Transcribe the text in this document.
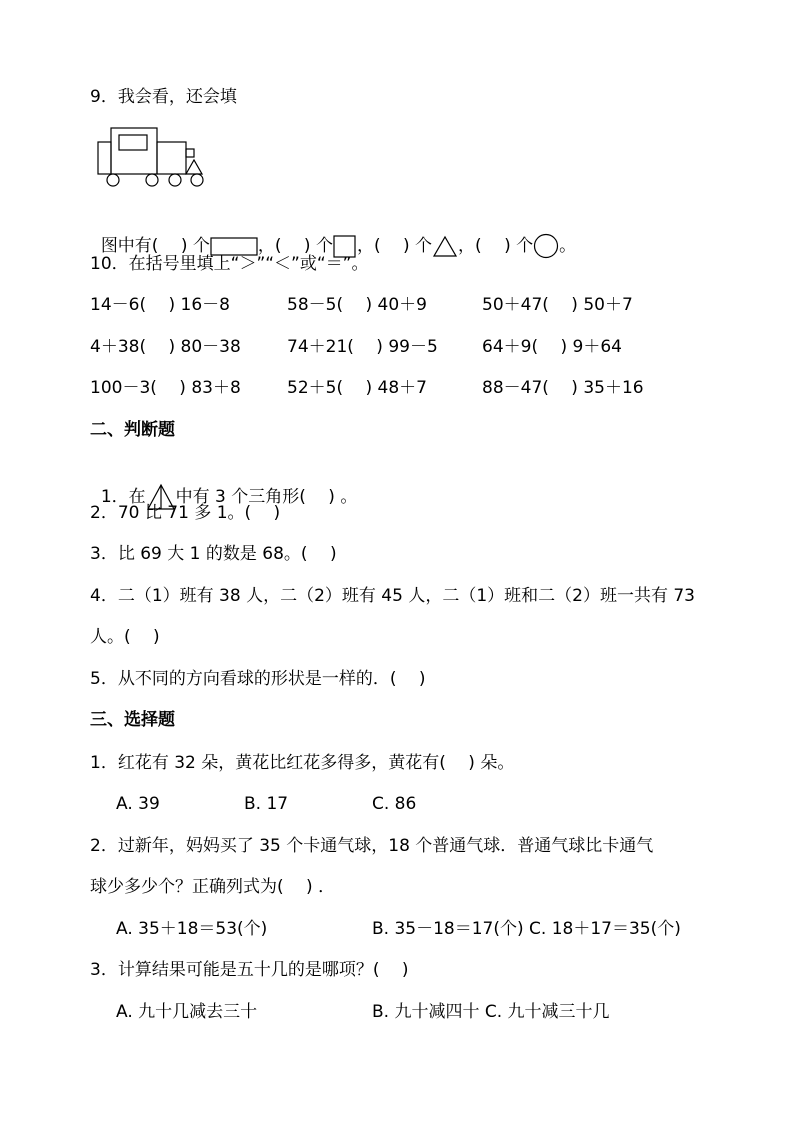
9．我会看，还会填

图中有(　 ) 个	，(　 ) 个 ，(　 ) 个 ，(　 ) 个 。

10．在括号里填上“＞”“＜”或“＝”。
14－6(　 ) 16－8	58－5(　 ) 40＋9	50＋47(　 ) 50＋7
4＋38(　 ) 80－38	74＋21(　 ) 99－5	64＋9(　 ) 9＋64
100－3(　 ) 83＋8	52＋5(　 ) 48＋7	88－47(　 ) 35＋16
二、判断题

1．在 中有 3 个三角形(　 ) 。

2．70 比 71 多 1。(　 )
3．比 69 大 1 的数是 68。(　 )
4．二（1）班有 38 人，二（2）班有 45 人，二（1）班和二（2）班一共有 73
人。(　 )
5．从不同的方向看球的形状是一样的．(　 )
三、选择题
1．红花有 32 朵，黄花比红花多得多，黄花有(　 ) 朵。
A. 39	B. 17	C. 86
2．过新年，妈妈买了 35 个卡通气球，18 个普通气球．普通气球比卡通气
球少多少个？正确列式为(　 ) ．
A. 35＋18＝53(个)	B. 35－18＝17(个) C. 18＋17＝35(个)
3．计算结果可能是五十几的是哪项？(　 )
A. 九十几减去三十	B. 九十减四十 C. 九十减三十几
